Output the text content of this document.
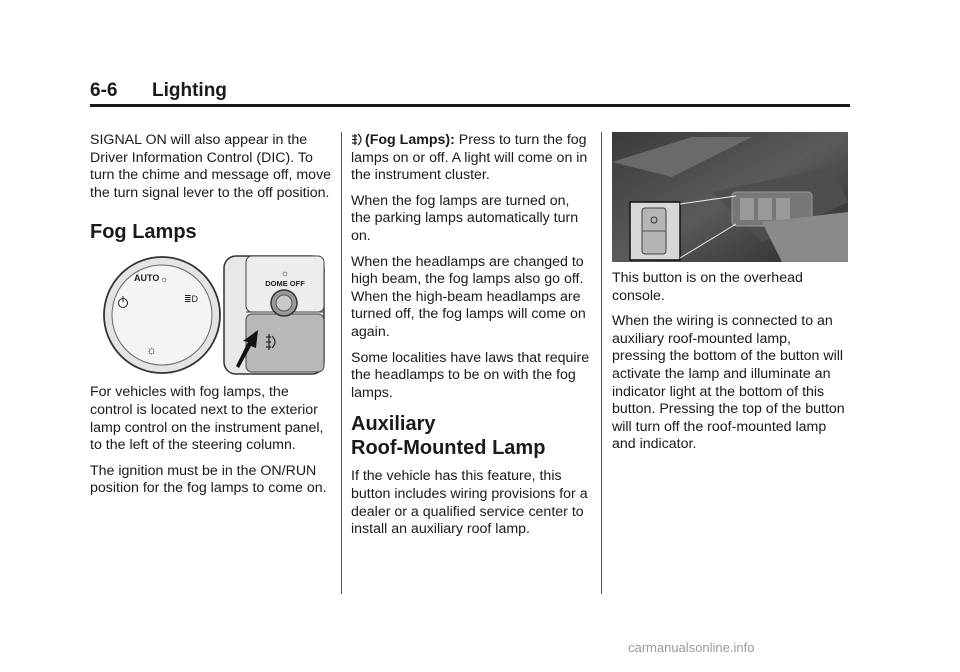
6-6 Lighting

SIGNAL ON will also appear in the Driver Information Control (DIC). To turn the chime and message off, move the turn signal lever to the off position.

Fog Lamps
☼
DOME OFF
AUTO ☼
≣D
☼

For vehicles with fog lamps, the control is located next to the exterior lamp control on the instrument panel, to the left of the steering column.

The ignition must be in the ON/RUN position for the fog lamps to come on.

(Fog Lamps): Press to turn the fog lamps on or off. A light will come on in the instrument cluster.

When the fog lamps are turned on, the parking lamps automatically turn on.

When the headlamps are changed to high beam, the fog lamps also go off. When the high-beam headlamps are turned off, the fog lamps will come on again.

Some localities have laws that require the headlamps to be on with the fog lamps.

Auxiliary
Roof-Mounted Lamp

If the vehicle has this feature, this button includes wiring provisions for a dealer or a qualified service center to install an auxiliary roof lamp.

This button is on the overhead console.

When the wiring is connected to an auxiliary roof-mounted lamp, pressing the bottom of the button will activate the lamp and illuminate an indicator light at the bottom of this button. Pressing the top of the button will turn off the roof-mounted lamp and indicator.

carmanualsonline.info
